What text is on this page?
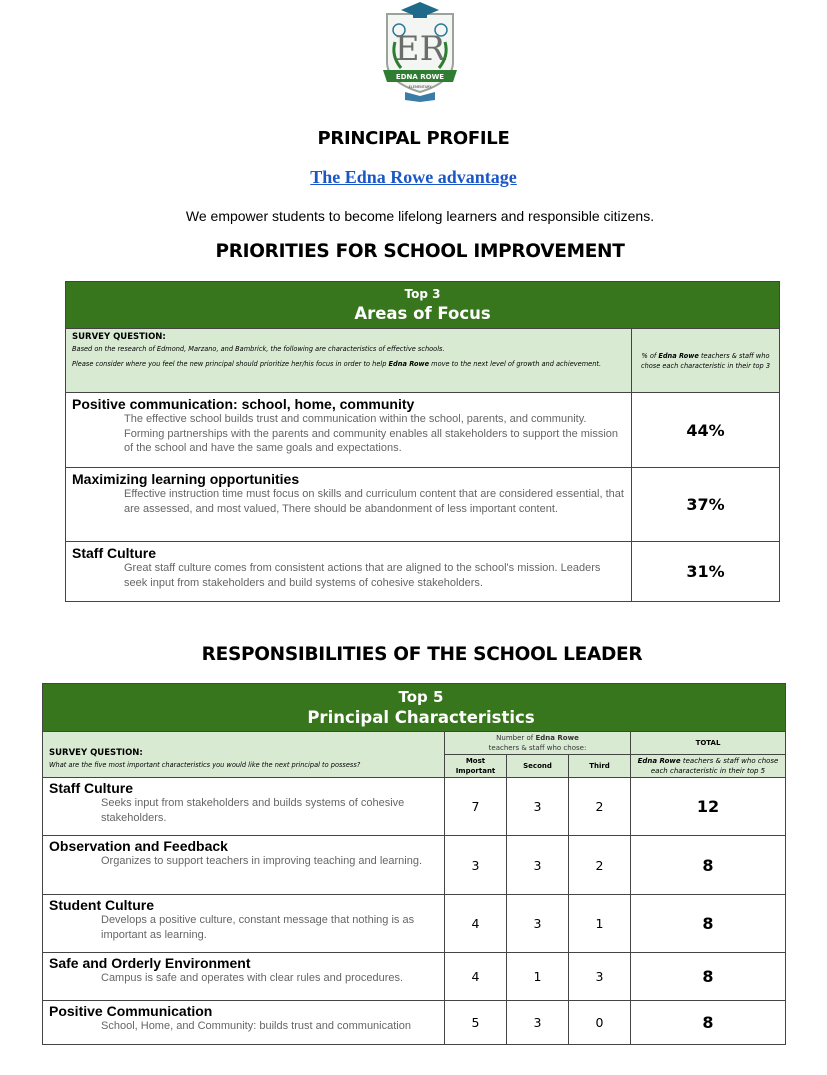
ER
EDNA ROWE
ELEMENTARY
PRINCIPAL PROFILE
The Edna Rowe advantage
We empower students to become lifelong learners and responsible citizens.
PRIORITIES FOR SCHOOL IMPROVEMENT
Top 3
Areas of Focus	

SURVEY QUESTION:
Based on the research of Edmond, Marzano, and Bambrick, the following are characteristics of effective schools.
Please consider where you feel the new principal should prioritize her/his focus in order to help Edna Rowe move to the next level of growth and achievement.	% of Edna Rowe teachers & staff who chose each characteristic in their top 3

Positive communication: school, home, community
The effective school builds trust and communication within the school, parents, and community. Forming partnerships with the parents and community enables all stakeholders to support the mission of the school and have the same goals and expectations.	44%

Maximizing learning opportunities
Effective instruction time must focus on skills and curriculum content that are considered essential, that are assessed, and most valued, There should be abandonment of less important content.	37%

Staff Culture
Great staff culture comes from consistent actions that are aligned to the school's mission. Leaders seek input from stakeholders and build systems of cohesive stakeholders.	31%
RESPONSIBILITIES OF THE SCHOOL LEADER
Top 5
Principal Characteristics				

SURVEY QUESTION:
What are the five most important characteristics you would like the next principal to possess?
	Number of Edna Rowe
teachers & staff who chose:	TOTAL
	Most Important	Second	Third	Edna Rowe teachers & staff who chose each characteristic in their top 5

Staff Culture
Seeks input from stakeholders and builds systems of cohesive stakeholders.	7	3	2	12

Observation and Feedback
Organizes to support teachers in improving teaching and learning.	3	3	2	8

Student Culture
Develops a positive culture, constant message that nothing is as important as learning.	4	3	1	8

Safe and Orderly Environment
Campus is safe and operates with clear rules and procedures.	4	1	3	8

Positive Communication
School, Home, and Community: builds trust and communication	5	3	0	8
